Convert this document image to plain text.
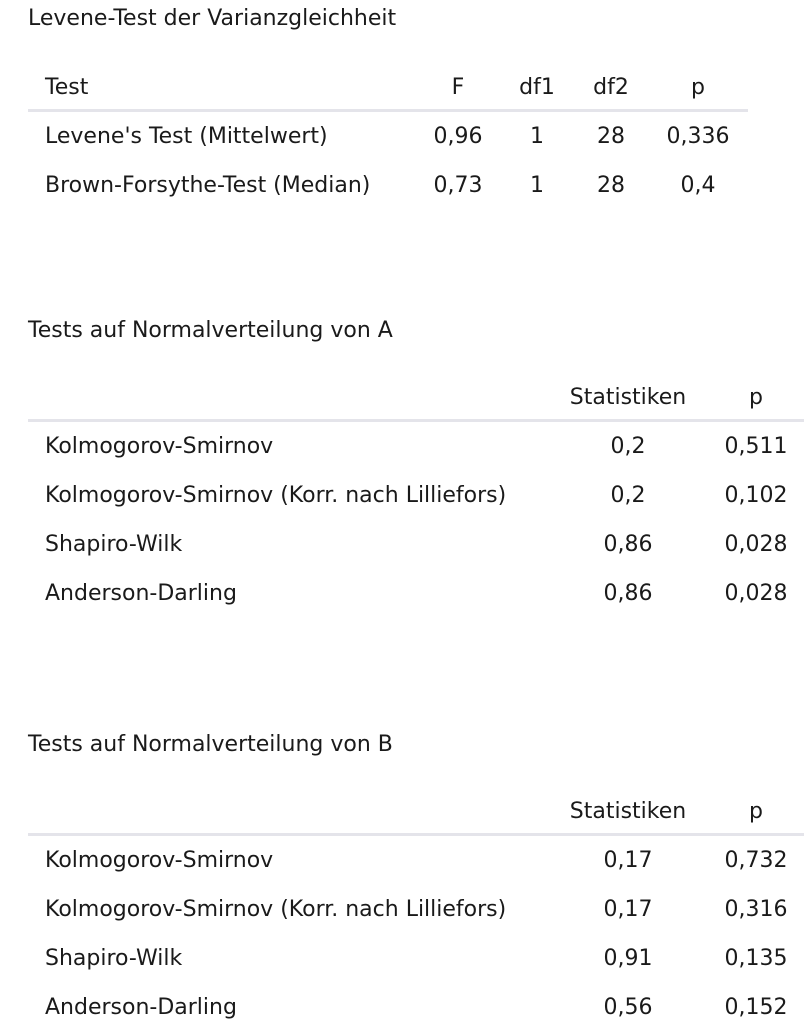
Levene-Test der Varianzgleichheit
Test	F	df1	df2	p
Levene's Test (Mittelwert)	0,96	1	28	0,336
Brown-Forsythe-Test (Median)	0,73	1	28	0,4
Tests auf Normalverteilung von A
	Statistiken	p
Kolmogorov-Smirnov	0,2	0,511
Kolmogorov-Smirnov (Korr. nach Lilliefors)	0,2	0,102
Shapiro-Wilk	0,86	0,028
Anderson-Darling	0,86	0,028
Tests auf Normalverteilung von B
	Statistiken	p
Kolmogorov-Smirnov	0,17	0,732
Kolmogorov-Smirnov (Korr. nach Lilliefors)	0,17	0,316
Shapiro-Wilk	0,91	0,135
Anderson-Darling	0,56	0,152
